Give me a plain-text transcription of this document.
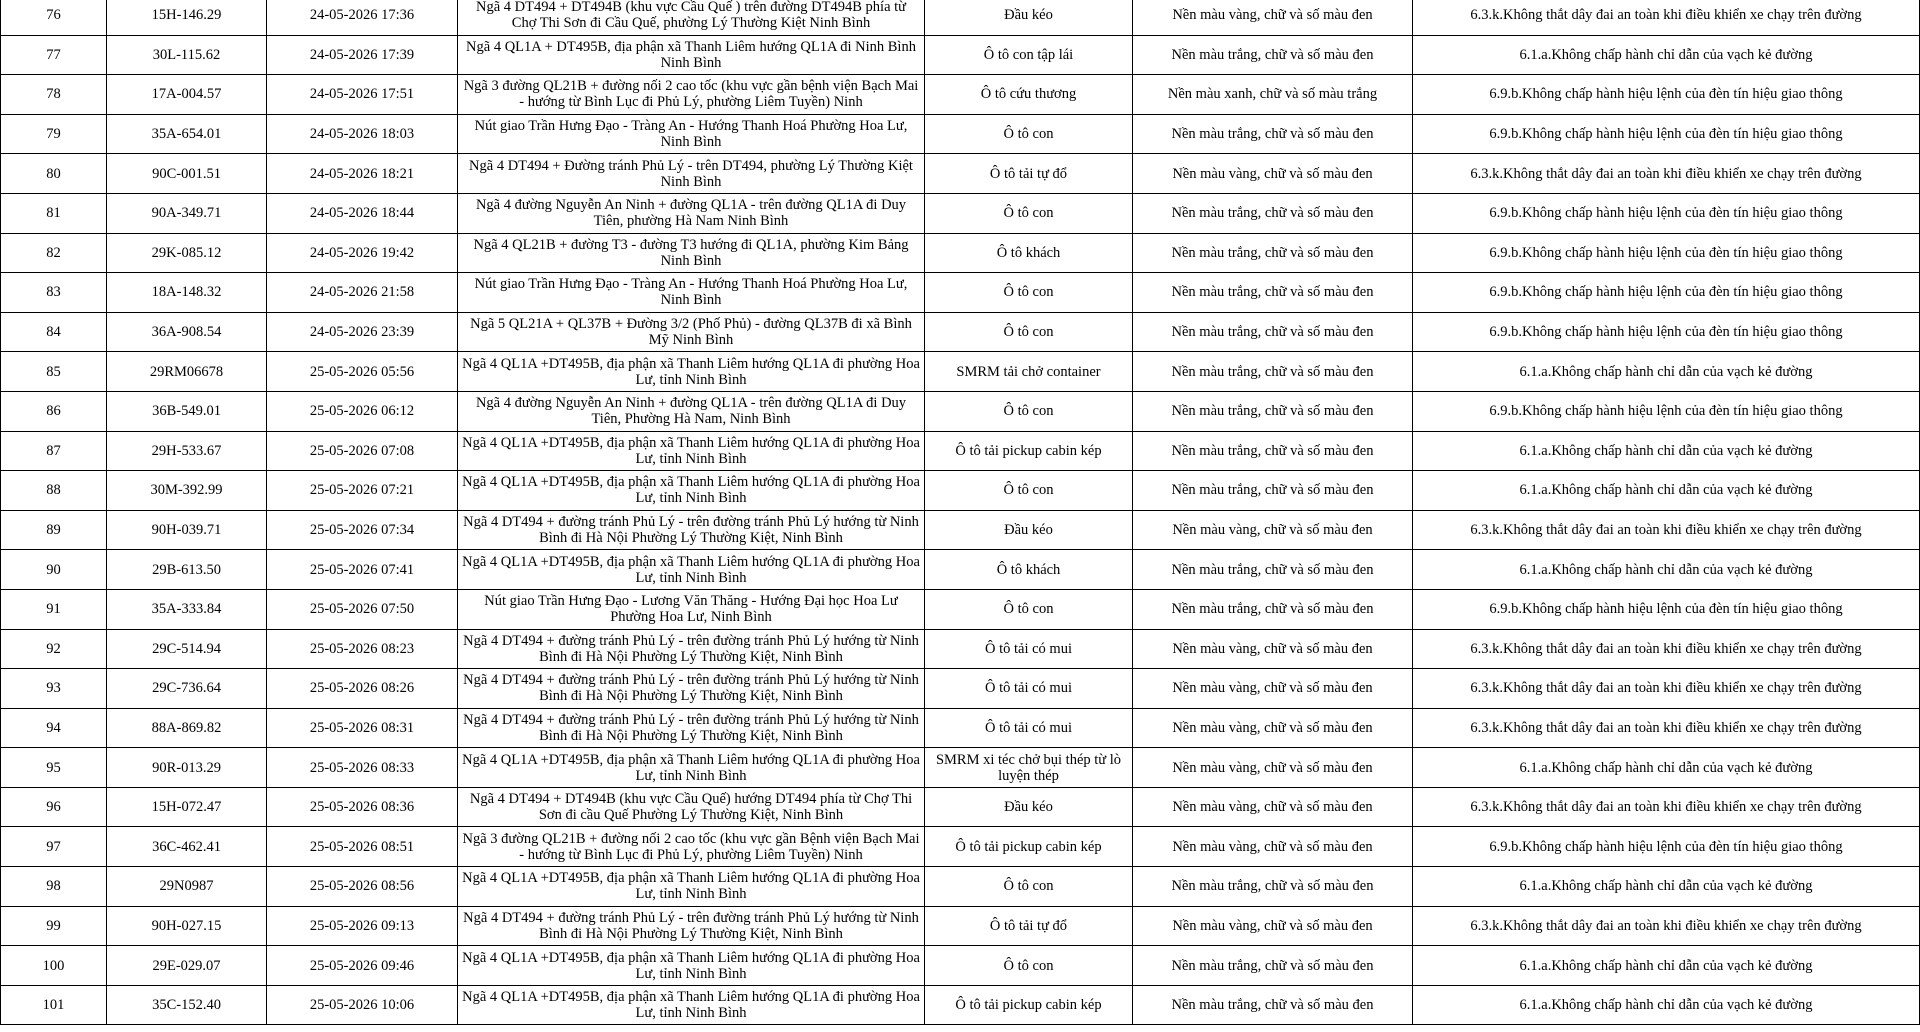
76	15H-146.29	24-05-2026 17:36	Ngã 4 DT494 + DT494B (khu vực Cầu Quế ) trên đường DT494B phía từ Chợ Thi Sơn đi Cầu Quế, phường Lý Thường Kiệt Ninh Bình	Đầu kéo	Nền màu vàng, chữ và số màu đen	6.3.k.Không thắt dây đai an toàn khi điều khiển xe chạy trên đường
77	30L-115.62	24-05-2026 17:39	Ngã 4 QL1A + DT495B, địa phận xã Thanh Liêm hướng QL1A đi Ninh Bình Ninh Bình	Ô tô con tập lái	Nền màu trắng, chữ và số màu đen	6.1.a.Không chấp hành chỉ dẫn của vạch kẻ đường
78	17A-004.57	24-05-2026 17:51	Ngã 3 đường QL21B + đường nối 2 cao tốc (khu vực gần bệnh viện Bạch Mai - hướng từ Bình Lục đi Phủ Lý, phường Liêm Tuyền) Ninh	Ô tô cứu thương	Nền màu xanh, chữ và số màu trắng	6.9.b.Không chấp hành hiệu lệnh của đèn tín hiệu giao thông
79	35A-654.01	24-05-2026 18:03	Nút giao Trần Hưng Đạo - Tràng An - Hướng Thanh Hoá Phường Hoa Lư, Ninh Bình	Ô tô con	Nền màu trắng, chữ và số màu đen	6.9.b.Không chấp hành hiệu lệnh của đèn tín hiệu giao thông
80	90C-001.51	24-05-2026 18:21	Ngã 4 DT494 + Đường tránh Phủ Lý - trên DT494, phường Lý Thường Kiệt Ninh Bình	Ô tô tải tự đổ	Nền màu vàng, chữ và số màu đen	6.3.k.Không thắt dây đai an toàn khi điều khiển xe chạy trên đường
81	90A-349.71	24-05-2026 18:44	Ngã 4 đường Nguyễn An Ninh + đường QL1A - trên đường QL1A đi Duy Tiên, phường Hà Nam Ninh Bình	Ô tô con	Nền màu trắng, chữ và số màu đen	6.9.b.Không chấp hành hiệu lệnh của đèn tín hiệu giao thông
82	29K-085.12	24-05-2026 19:42	Ngã 4 QL21B + đường T3 - đường T3 hướng đi QL1A, phường Kim Bảng Ninh Bình	Ô tô khách	Nền màu trắng, chữ và số màu đen	6.9.b.Không chấp hành hiệu lệnh của đèn tín hiệu giao thông
83	18A-148.32	24-05-2026 21:58	Nút giao Trần Hưng Đạo - Tràng An - Hướng Thanh Hoá Phường Hoa Lư, Ninh Bình	Ô tô con	Nền màu trắng, chữ và số màu đen	6.9.b.Không chấp hành hiệu lệnh của đèn tín hiệu giao thông
84	36A-908.54	24-05-2026 23:39	Ngã 5 QL21A + QL37B + Đường 3/2 (Phố Phủ) - đường QL37B đi xã Bình Mỹ Ninh Bình	Ô tô con	Nền màu trắng, chữ và số màu đen	6.9.b.Không chấp hành hiệu lệnh của đèn tín hiệu giao thông
85	29RM06678	25-05-2026 05:56	Ngã 4 QL1A +DT495B, địa phận xã Thanh Liêm hướng QL1A đi phường Hoa Lư, tỉnh Ninh Bình	SMRM tải chở container	Nền màu trắng, chữ và số màu đen	6.1.a.Không chấp hành chỉ dẫn của vạch kẻ đường
86	36B-549.01	25-05-2026 06:12	Ngã 4 đường Nguyễn An Ninh + đường QL1A - trên đường QL1A đi Duy Tiên, Phường Hà Nam, Ninh Bình	Ô tô con	Nền màu trắng, chữ và số màu đen	6.9.b.Không chấp hành hiệu lệnh của đèn tín hiệu giao thông
87	29H-533.67	25-05-2026 07:08	Ngã 4 QL1A +DT495B, địa phận xã Thanh Liêm hướng QL1A đi phường Hoa Lư, tỉnh Ninh Bình	Ô tô tải pickup cabin kép	Nền màu trắng, chữ và số màu đen	6.1.a.Không chấp hành chỉ dẫn của vạch kẻ đường
88	30M-392.99	25-05-2026 07:21	Ngã 4 QL1A +DT495B, địa phận xã Thanh Liêm hướng QL1A đi phường Hoa Lư, tỉnh Ninh Bình	Ô tô con	Nền màu trắng, chữ và số màu đen	6.1.a.Không chấp hành chỉ dẫn của vạch kẻ đường
89	90H-039.71	25-05-2026 07:34	Ngã 4 DT494 + đường tránh Phủ Lý - trên đường tránh Phủ Lý hướng từ Ninh Bình đi Hà Nội Phường Lý Thường Kiệt, Ninh Bình	Đầu kéo	Nền màu vàng, chữ và số màu đen	6.3.k.Không thắt dây đai an toàn khi điều khiển xe chạy trên đường
90	29B-613.50	25-05-2026 07:41	Ngã 4 QL1A +DT495B, địa phận xã Thanh Liêm hướng QL1A đi phường Hoa Lư, tỉnh Ninh Bình	Ô tô khách	Nền màu trắng, chữ và số màu đen	6.1.a.Không chấp hành chỉ dẫn của vạch kẻ đường
91	35A-333.84	25-05-2026 07:50	Nút giao Trần Hưng Đạo - Lương Văn Thăng - Hướng Đại học Hoa Lư Phường Hoa Lư, Ninh Bình	Ô tô con	Nền màu trắng, chữ và số màu đen	6.9.b.Không chấp hành hiệu lệnh của đèn tín hiệu giao thông
92	29C-514.94	25-05-2026 08:23	Ngã 4 DT494 + đường tránh Phủ Lý - trên đường tránh Phủ Lý hướng từ Ninh Bình đi Hà Nội Phường Lý Thường Kiệt, Ninh Bình	Ô tô tải có mui	Nền màu vàng, chữ và số màu đen	6.3.k.Không thắt dây đai an toàn khi điều khiển xe chạy trên đường
93	29C-736.64	25-05-2026 08:26	Ngã 4 DT494 + đường tránh Phủ Lý - trên đường tránh Phủ Lý hướng từ Ninh Bình đi Hà Nội Phường Lý Thường Kiệt, Ninh Bình	Ô tô tải có mui	Nền màu vàng, chữ và số màu đen	6.3.k.Không thắt dây đai an toàn khi điều khiển xe chạy trên đường
94	88A-869.82	25-05-2026 08:31	Ngã 4 DT494 + đường tránh Phủ Lý - trên đường tránh Phủ Lý hướng từ Ninh Bình đi Hà Nội Phường Lý Thường Kiệt, Ninh Bình	Ô tô tải có mui	Nền màu vàng, chữ và số màu đen	6.3.k.Không thắt dây đai an toàn khi điều khiển xe chạy trên đường
95	90R-013.29	25-05-2026 08:33	Ngã 4 QL1A +DT495B, địa phận xã Thanh Liêm hướng QL1A đi phường Hoa Lư, tỉnh Ninh Bình	SMRM xi téc chở bụi thép từ lò luyện thép	Nền màu vàng, chữ và số màu đen	6.1.a.Không chấp hành chỉ dẫn của vạch kẻ đường
96	15H-072.47	25-05-2026 08:36	Ngã 4 DT494 + DT494B (khu vực Cầu Quế) hướng DT494 phía từ Chợ Thi Sơn đi cầu Quế Phường Lý Thường Kiệt, Ninh Bình	Đầu kéo	Nền màu vàng, chữ và số màu đen	6.3.k.Không thắt dây đai an toàn khi điều khiển xe chạy trên đường
97	36C-462.41	25-05-2026 08:51	Ngã 3 đường QL21B + đường nối 2 cao tốc (khu vực gần Bệnh viện Bạch Mai - hướng từ Bình Lục đi Phủ Lý, phường Liêm Tuyền) Ninh	Ô tô tải pickup cabin kép	Nền màu vàng, chữ và số màu đen	6.9.b.Không chấp hành hiệu lệnh của đèn tín hiệu giao thông
98	29N0987	25-05-2026 08:56	Ngã 4 QL1A +DT495B, địa phận xã Thanh Liêm hướng QL1A đi phường Hoa Lư, tỉnh Ninh Bình	Ô tô con	Nền màu trắng, chữ và số màu đen	6.1.a.Không chấp hành chỉ dẫn của vạch kẻ đường
99	90H-027.15	25-05-2026 09:13	Ngã 4 DT494 + đường tránh Phủ Lý - trên đường tránh Phủ Lý hướng từ Ninh Bình đi Hà Nội Phường Lý Thường Kiệt, Ninh Bình	Ô tô tải tự đổ	Nền màu vàng, chữ và số màu đen	6.3.k.Không thắt dây đai an toàn khi điều khiển xe chạy trên đường
100	29E-029.07	25-05-2026 09:46	Ngã 4 QL1A +DT495B, địa phận xã Thanh Liêm hướng QL1A đi phường Hoa Lư, tỉnh Ninh Bình	Ô tô con	Nền màu trắng, chữ và số màu đen	6.1.a.Không chấp hành chỉ dẫn của vạch kẻ đường
101	35C-152.40	25-05-2026 10:06	Ngã 4 QL1A +DT495B, địa phận xã Thanh Liêm hướng QL1A đi phường Hoa Lư, tỉnh Ninh Bình	Ô tô tải pickup cabin kép	Nền màu trắng, chữ và số màu đen	6.1.a.Không chấp hành chỉ dẫn của vạch kẻ đường
